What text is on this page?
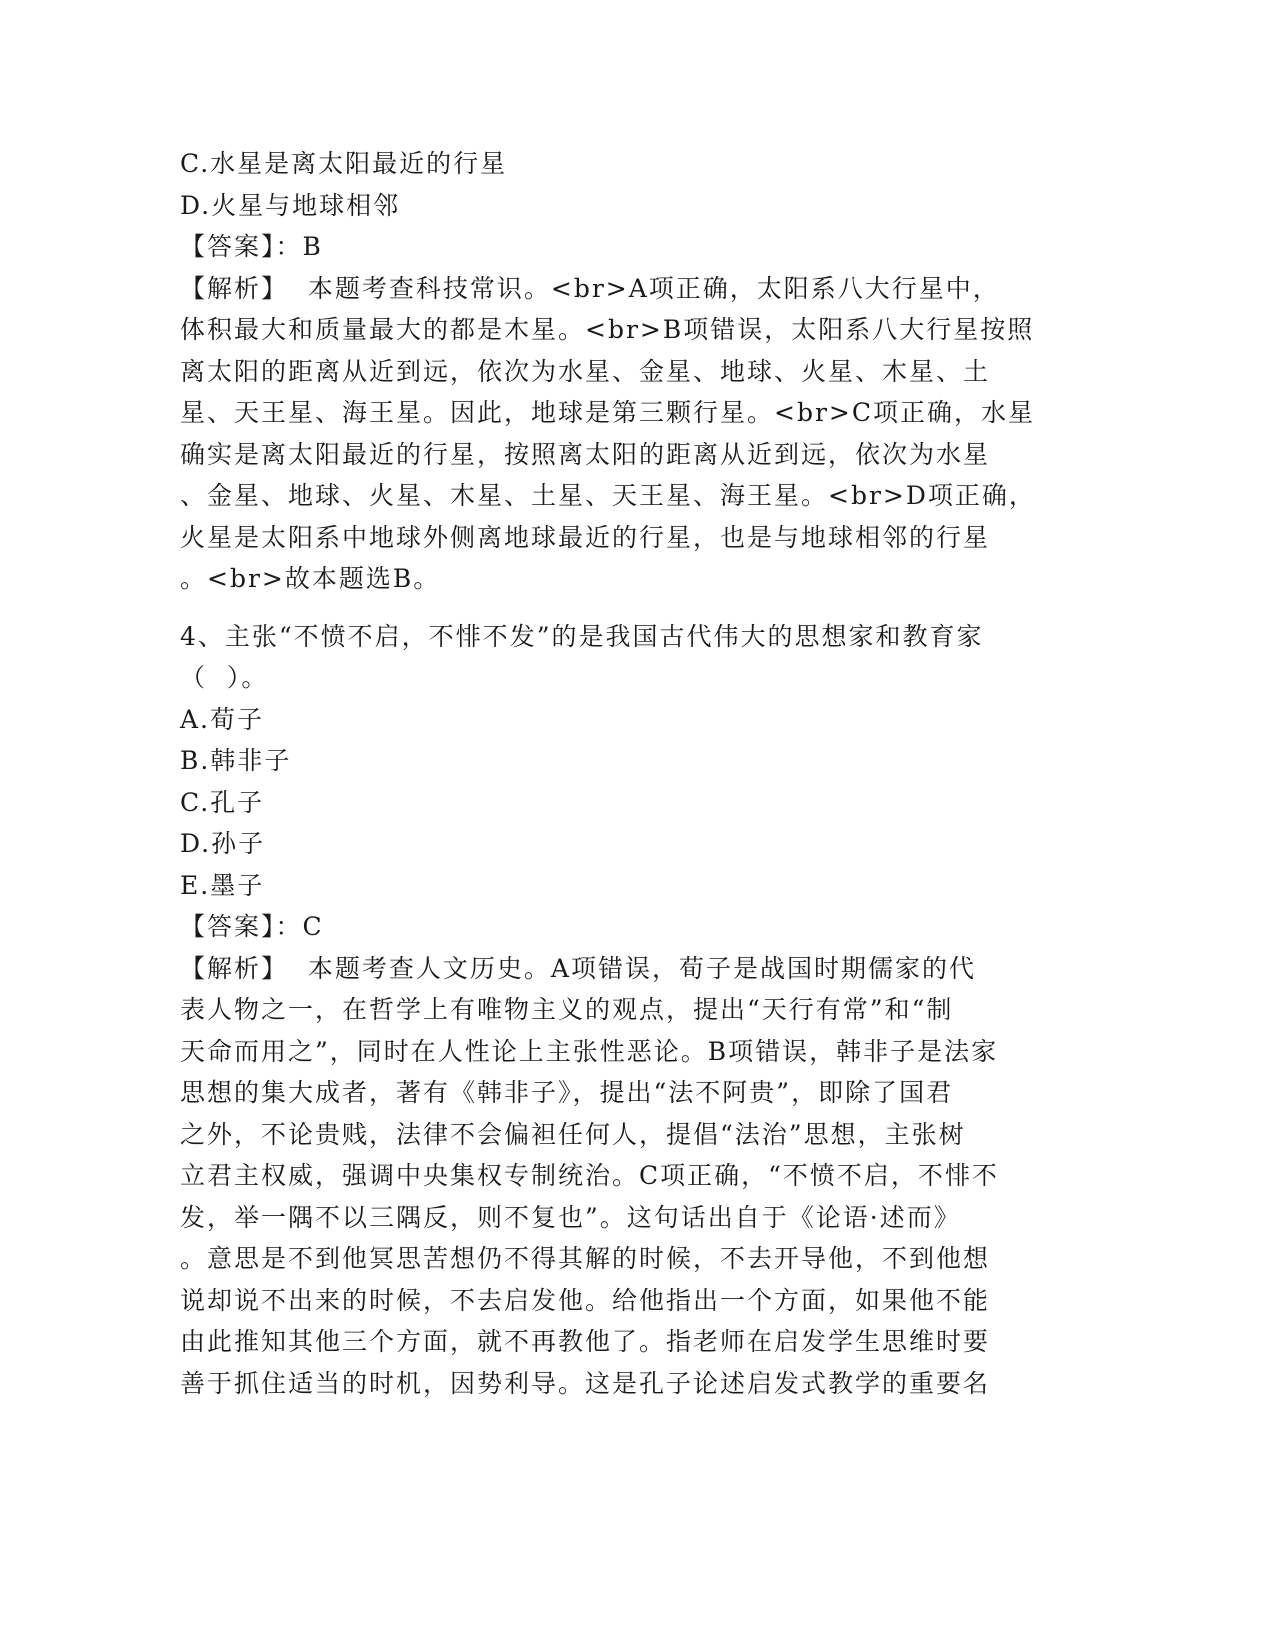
C.水星是离太阳最近的行星
D.火星与地球相邻
【答案】：B
【解析】  本题考查科技常识。<br>A项正确，太阳系八大行星中，
体积最大和质量最大的都是木星。<br>B项错误，太阳系八大行星按照
离太阳的距离从近到远，依次为水星、金星、地球、火星、木星、土
星、天王星、海王星。因此，地球是第三颗行星。<br>C项正确，水星
确实是离太阳最近的行星，按照离太阳的距离从近到远，依次为水星
、金星、地球、火星、木星、土星、天王星、海王星。<br>D项正确，
火星是太阳系中地球外侧离地球最近的行星，也是与地球相邻的行星
。<br>故本题选B。
4、主张“不愤不启，不悱不发”的是我国古代伟大的思想家和教育家
（  ）。
A.荀子
B.韩非子
C.孔子
D.孙子
E.墨子
【答案】：C
【解析】  本题考查人文历史。A项错误，荀子是战国时期儒家的代
表人物之一，在哲学上有唯物主义的观点，提出“天行有常”和“制
天命而用之”，同时在人性论上主张性恶论。B项错误，韩非子是法家
思想的集大成者，著有《韩非子》，提出“法不阿贵”，即除了国君
之外，不论贵贱，法律不会偏袒任何人，提倡“法治”思想，主张树
立君主权威，强调中央集权专制统治。C项正确，“不愤不启，不悱不
发，举一隅不以三隅反，则不复也”。这句话出自于《论语·述而》
。意思是不到他冥思苦想仍不得其解的时候，不去开导他，不到他想
说却说不出来的时候，不去启发他。给他指出一个方面，如果他不能
由此推知其他三个方面，就不再教他了。指老师在启发学生思维时要
善于抓住适当的时机，因势利导。这是孔子论述启发式教学的重要名
